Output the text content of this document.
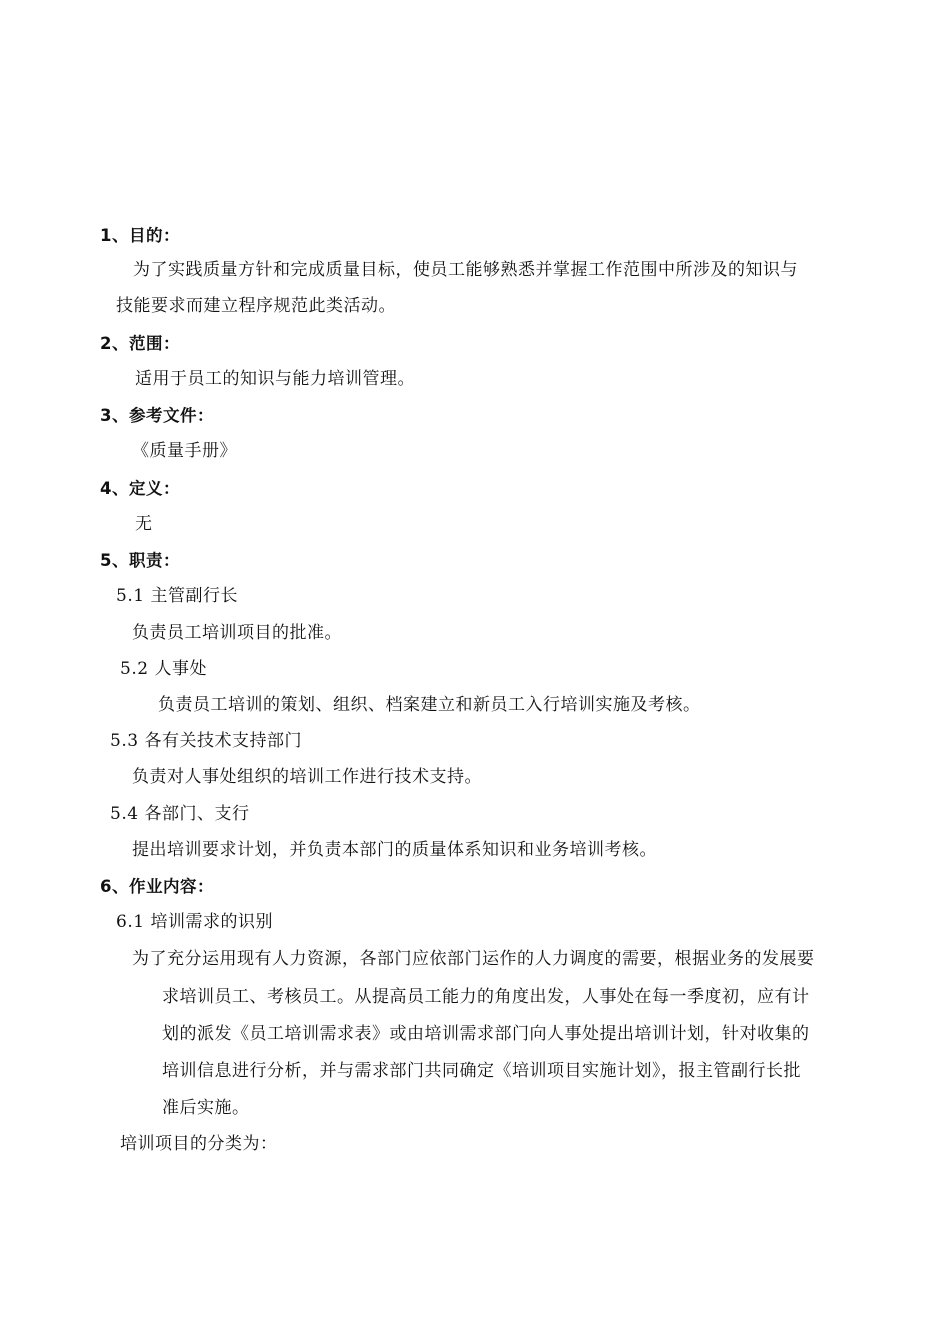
1、目的：
为了实践质量方针和完成质量目标，使员工能够熟悉并掌握工作范围中所涉及的知识与
技能要求而建立程序规范此类活动。
2、范围：
适用于员工的知识与能力培训管理。
3、参考文件：
《质量手册》
4、定义：
无
5、职责：
5.1 主管副行长
负责员工培训项目的批准。
5.2 人事处
负责员工培训的策划、组织、档案建立和新员工入行培训实施及考核。
5.3 各有关技术支持部门
负责对人事处组织的培训工作进行技术支持。
5.4 各部门、支行
提出培训要求计划，并负责本部门的质量体系知识和业务培训考核。
6、作业内容：
6.1 培训需求的识别
为了充分运用现有人力资源，各部门应依部门运作的人力调度的需要，根据业务的发展要
求培训员工、考核员工。从提高员工能力的角度出发，人事处在每一季度初，应有计
划的派发《员工培训需求表》或由培训需求部门向人事处提出培训计划，针对收集的
培训信息进行分析，并与需求部门共同确定《培训项目实施计划》，报主管副行长批
准后实施。
培训项目的分类为：
